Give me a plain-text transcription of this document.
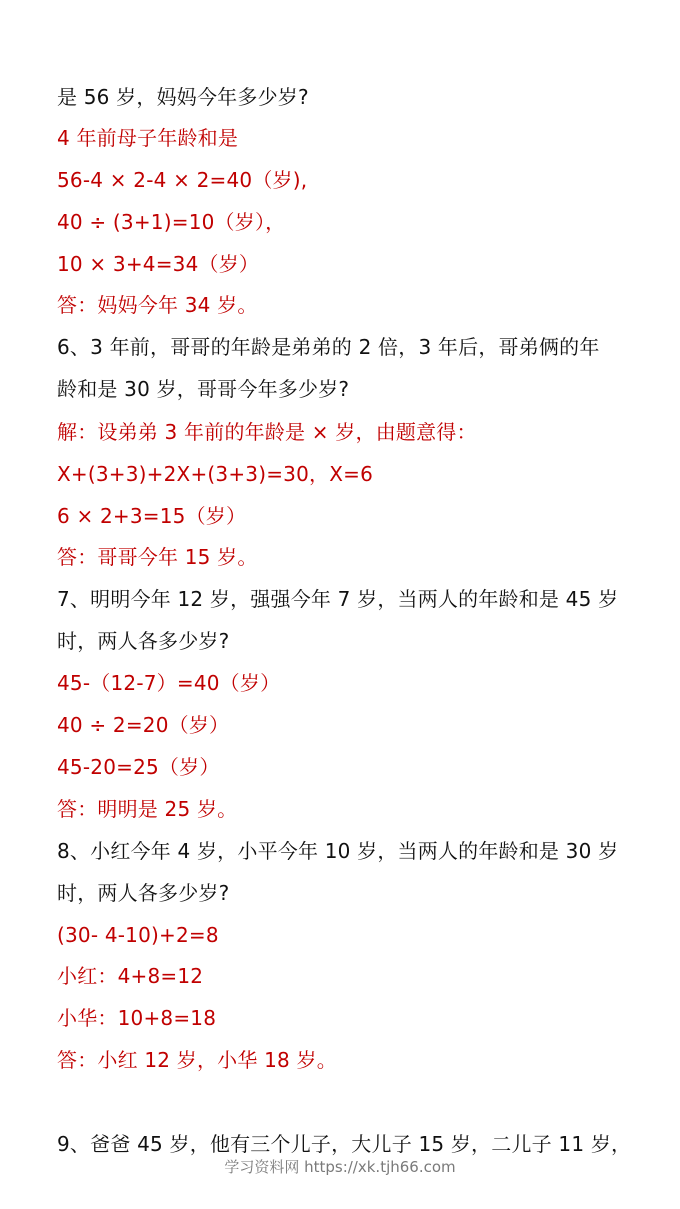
是 56 岁，妈妈今年多少岁?
4 年前母子年龄和是
56-4 × 2-4 × 2=40（岁),
40 ÷ (3+1)=10（岁），
10 × 3+4=34（岁）
答：妈妈今年 34 岁。
6、3 年前，哥哥的年龄是弟弟的 2 倍，3 年后，哥弟俩的年
龄和是 30 岁，哥哥今年多少岁?
解：设弟弟 3 年前的年龄是 × 岁，由题意得：
X+(3+3)+2X+(3+3)=30，X=6
6 × 2+3=15（岁）
答：哥哥今年 15 岁。
7、明明今年 12 岁，强强今年 7 岁，当两人的年龄和是 45 岁
时，两人各多少岁?
45-（12-7）=40（岁）
40 ÷ 2=20（岁）
45-20=25（岁）
答：明明是 25 岁。
8、小红今年 4 岁，小平今年 10 岁，当两人的年龄和是 30 岁
时，两人各多少岁?
(30- 4-10)+2=8
小红：4+8=12
小华：10+8=18
答：小红 12 岁，小华 18 岁。
9、爸爸 45 岁，他有三个儿子，大儿子 15 岁，二儿子 11 岁，
学习资料网 https://xk.tjh66.com
